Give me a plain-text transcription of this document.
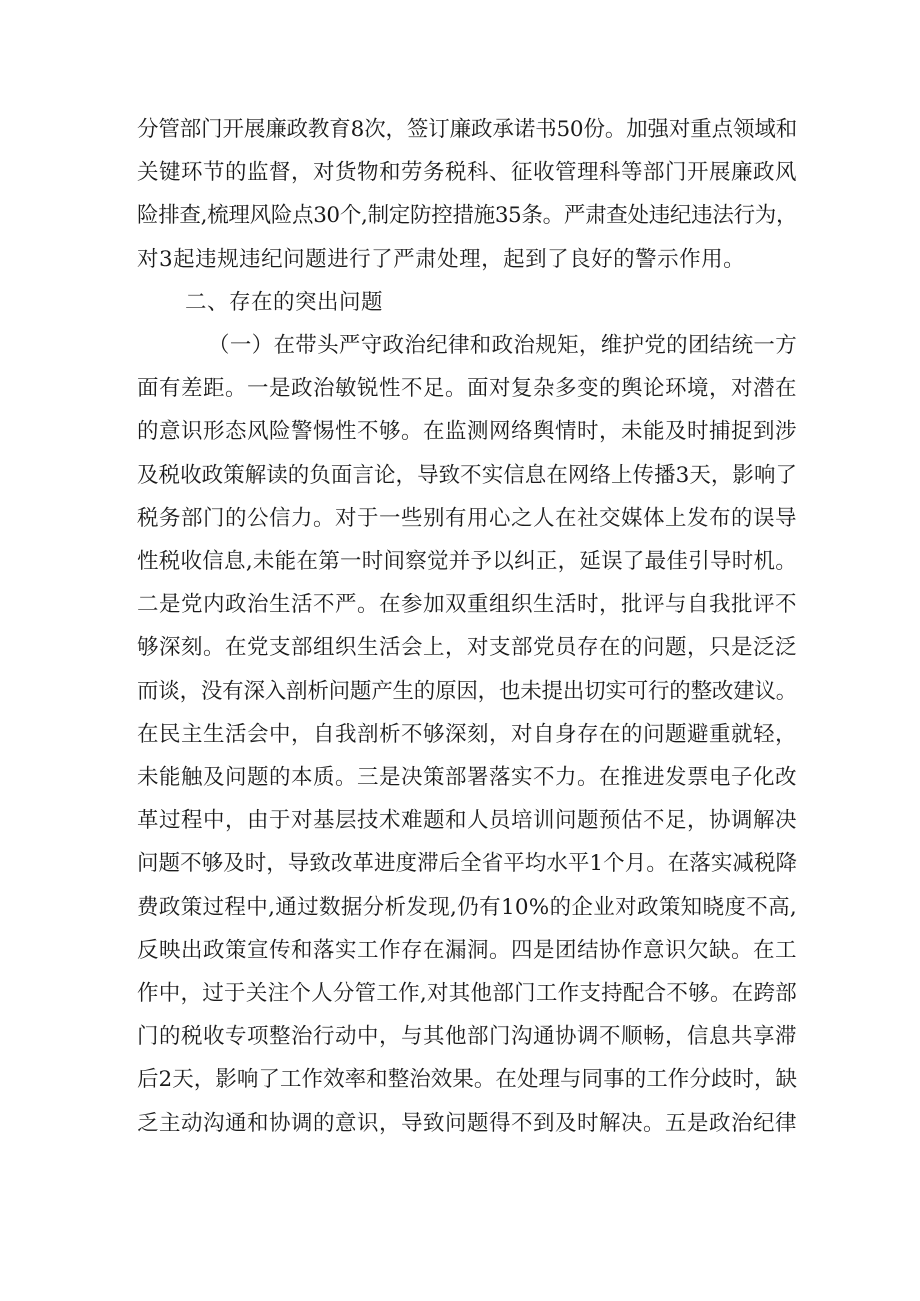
分管部门开展廉政教育8次，签订廉政承诺书50份。加强对重点领域和
关键环节的监督，对货物和劳务税科、征收管理科等部门开展廉政风
险排查,梳理风险点30个,制定防控措施35条。严肃查处违纪违法行为，
对3起违规违纪问题进行了严肃处理，起到了良好的警示作用。
二、存在的突出问题
（一）在带头严守政治纪律和政治规矩，维护党的团结统一方
面有差距。一是政治敏锐性不足。面对复杂多变的舆论环境，对潜在
的意识形态风险警惕性不够。在监测网络舆情时，未能及时捕捉到涉
及税收政策解读的负面言论，导致不实信息在网络上传播3天，影响了
税务部门的公信力。对于一些别有用心之人在社交媒体上发布的误导
性税收信息,未能在第一时间察觉并予以纠正，延误了最佳引导时机。
二是党内政治生活不严。在参加双重组织生活时，批评与自我批评不
够深刻。在党支部组织生活会上，对支部党员存在的问题，只是泛泛
而谈，没有深入剖析问题产生的原因，也未提出切实可行的整改建议。
在民主生活会中，自我剖析不够深刻，对自身存在的问题避重就轻，
未能触及问题的本质。三是决策部署落实不力。在推进发票电子化改
革过程中，由于对基层技术难题和人员培训问题预估不足，协调解决
问题不够及时，导致改革进度滞后全省平均水平1个月。在落实减税降
费政策过程中,通过数据分析发现,仍有10%的企业对政策知晓度不高,
反映出政策宣传和落实工作存在漏洞。四是团结协作意识欠缺。在工
作中，过于关注个人分管工作,对其他部门工作支持配合不够。在跨部
门的税收专项整治行动中，与其他部门沟通协调不顺畅，信息共享滞
后2天，影响了工作效率和整治效果。在处理与同事的工作分歧时，缺
乏主动沟通和协调的意识，导致问题得不到及时解决。五是政治纪律
